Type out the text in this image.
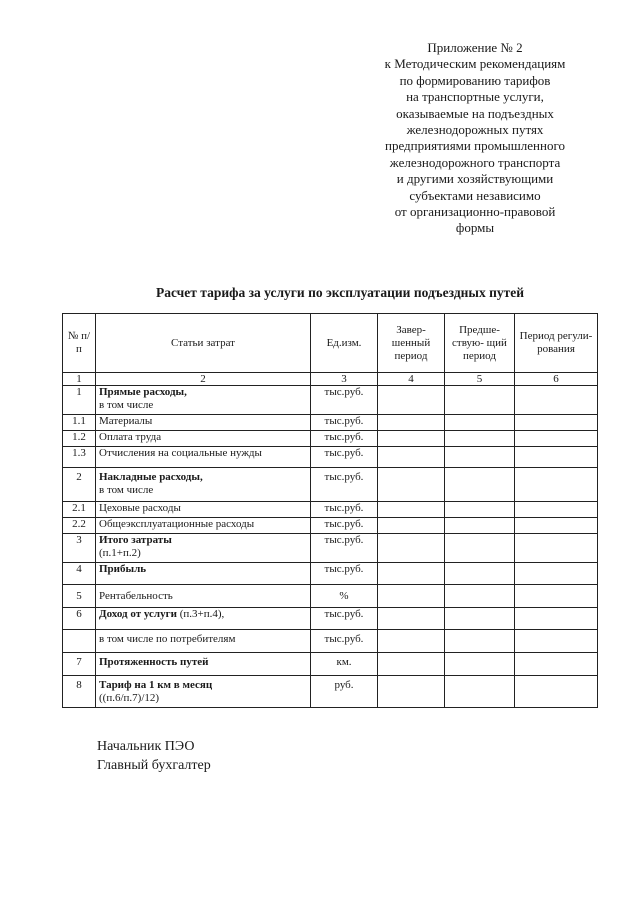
Приложение № 2
к Методическим рекомендациям
по формированию тарифов
на транспортные услуги,
оказываемые на подъездных
железнодорожных путях
предприятиями промышленного
железнодорожного транспорта
и другими хозяйствующими
субъектами независимо
от организационно-правовой
формы
Расчет тарифа за услуги по эксплуатации подъездных путей
№ п/п	Статьи затрат	Ед.изм.	Завер- шенный период	Предше- ствую- щий период	Период регули- рования
1	2	3	4	5	6
1	Прямые расходы,
в том числе	тыс.руб.			
1.1	Материалы	тыс.руб.			
1.2	Оплата труда	тыс.руб.			
1.3	Отчисления на социальные нужды	тыс.руб.			
2	Накладные расходы,
в том числе	тыс.руб.			
2.1	Цеховые расходы	тыс.руб.			
2.2	Общеэксплуатационные расходы	тыс.руб.			
3	Итого затраты
(п.1+п.2)	тыс.руб.			
4	Прибыль	тыс.руб.			
5	Рентабельность	%			
6	Доход от услуги (п.3+п.4),	тыс.руб.			
	в том числе по потребителям	тыс.руб.			
7	Протяженность путей	км.			
8	Тариф на 1 км в месяц
((п.6/п.7)/12)	руб.			
Начальник ПЭО
Главный бухгалтер
